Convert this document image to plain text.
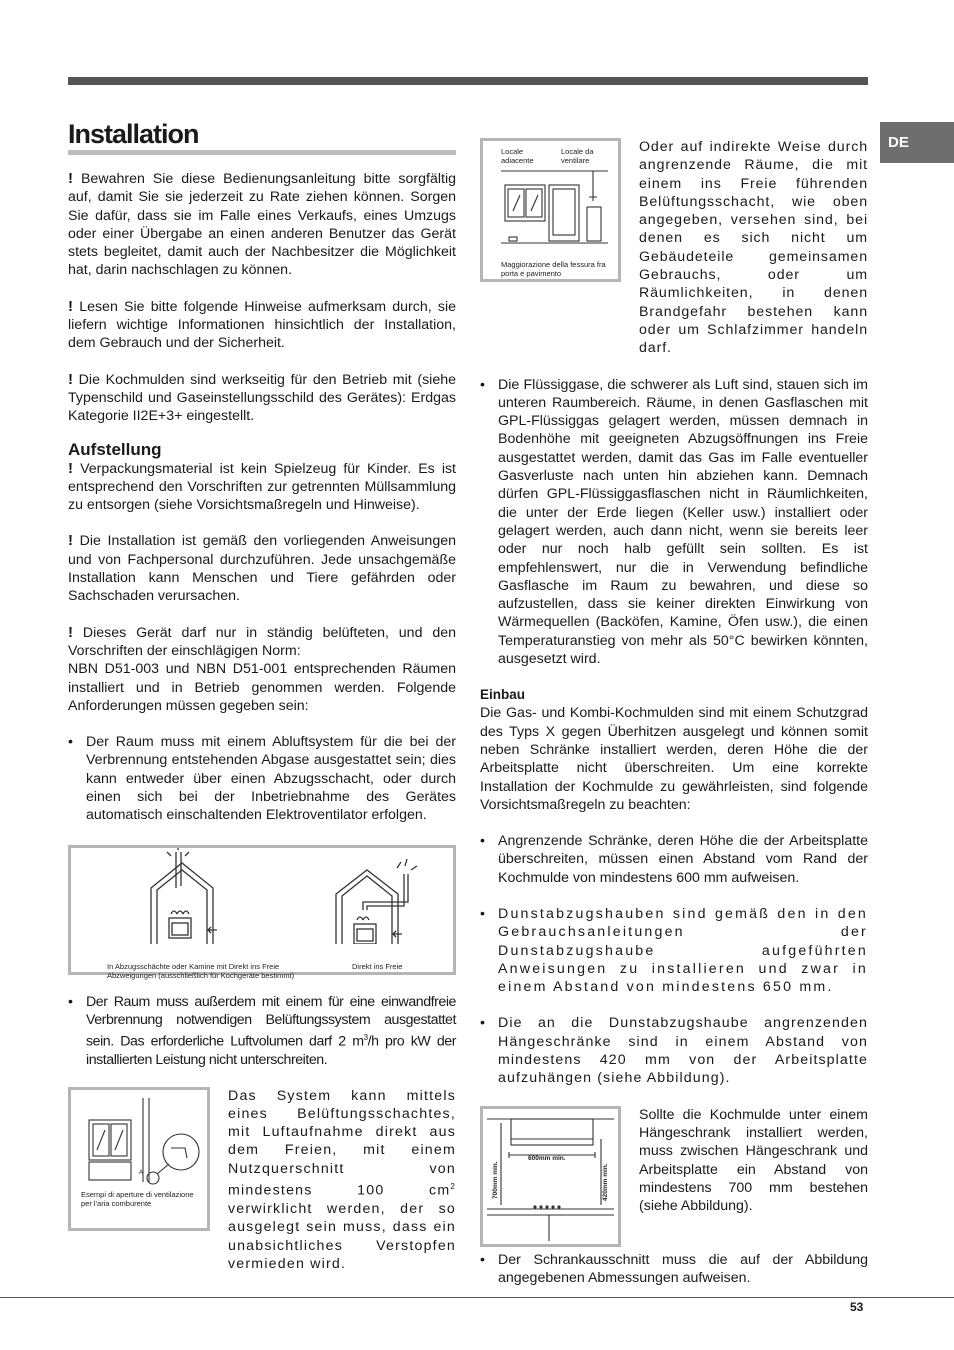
DE
Installation

! Bewahren Sie diese Bedienungsanleitung bitte sorgfältig auf, damit Sie sie jederzeit zu Rate ziehen können. Sorgen Sie dafür, dass sie im Falle eines Verkaufs, eines Umzugs oder einer Übergabe an einen anderen Benutzer das Gerät stets begleitet, damit auch der Nachbesitzer die Möglichkeit hat, darin nachschlagen zu können.

! Lesen Sie bitte folgende Hinweise aufmerksam durch, sie liefern wichtige Informationen hinsichtlich der Installation, dem Gebrauch und der Sicherheit.

! Die Kochmulden sind werkseitig für den Betrieb mit (siehe Typenschild und Gaseinstellungsschild des Gerätes): Erdgas Kategorie II2E+3+ eingestellt.

Aufstellung

! Verpackungsmaterial ist kein Spielzeug für Kinder. Es ist entsprechend den Vorschriften zur getrennten Müllsammlung zu entsorgen (siehe Vorsichtsmaßregeln und Hinweise).

! Die Installation ist gemäß den vorliegenden Anweisungen und von Fachpersonal durchzuführen. Jede unsachgemäße Installation kann Menschen und Tiere gefährden oder Sachschaden verursachen.

! Dieses Gerät darf nur in ständig belüfteten, und den Vorschriften der einschlägigen Norm:

NBN D51-003 und NBN D51-001 entsprechenden Räumen installiert und in Betrieb genommen werden. Folgende Anforderungen müssen gegeben sein:

• Der Raum muss mit einem Abluftsystem für die bei der Verbrennung entstehenden Abgase ausgestattet sein; dies kann entweder über einen Abzugsschacht, oder durch einen sich bei der Inbetriebnahme des Gerätes automatisch einschaltenden Elektroventilator erfolgen.
In Abzugsschächte oder Kamine mit Direkt ins Freie Abzweigungen (ausschließlich für Kochgeräte bestimmt)
Direkt ins Freie
• Der Raum muss außerdem mit einem für eine einwandfreie Verbrennung notwendigen Belüftungssystem ausgestattet sein. Das erforderliche Luftvolumen darf 2 $m^3/h$ pro kW der installierten Leistung nicht unterschreiten.
A
Esempi di aperture di ventilazione per l'aria comburente

Das System kann mittels eines Belüftungsschachtes, mit Luftaufnahme direkt aus dem Freien, mit einem Nutzquerschnitt von mindestens 100 $cm^2$ verwirklicht werden, der so ausgelegt sein muss, dass ein unabsichtliches Verstopfen vermieden wird.

Locale adiacente
Locale da ventilare
Maggiorazione della fessura fra porta e pavimento

Oder auf indirekte Weise durch angrenzende Räume, die mit einem ins Freie führenden Belüftungsschacht, wie oben angegeben, versehen sind, bei denen es sich nicht um Gebäudeteile gemeinsamen Gebrauchs, oder um Räumlichkeiten, in denen Brandgefahr bestehen kann oder um Schlafzimmer handeln darf.

• Die Flüssiggase, die schwerer als Luft sind, stauen sich im unteren Raumbereich. Räume, in denen Gasflaschen mit GPL-Flüssiggas gelagert werden, müssen demnach in Bodenhöhe mit geeigneten Abzugsöffnungen ins Freie ausgestattet werden, damit das Gas im Falle eventueller Gasverluste nach unten hin abziehen kann. Demnach dürfen GPL-Flüssiggasflaschen nicht in Räumlichkeiten, die unter der Erde liegen (Keller usw.) installiert oder gelagert werden, auch dann nicht, wenn sie bereits leer oder nur noch halb gefüllt sein sollten. Es ist empfehlenswert, nur die in Verwendung befindliche Gasflasche im Raum zu bewahren, und diese so aufzustellen, dass sie keiner direkten Einwirkung von Wärmequellen (Backöfen, Kamine, Öfen usw.), die einen Temperaturanstieg von mehr als 50°C bewirken könnten, ausgesetzt wird.
Einbau

Die Gas- und Kombi-Kochmulden sind mit einem Schutzgrad des Typs X gegen Überhitzen ausgelegt und können somit neben Schränke installiert werden, deren Höhe die der Arbeitsplatte nicht überschreiten. Um eine korrekte Installation der Kochmulde zu gewährleisten, sind folgende Vorsichtsmaßregeln zu beachten:

• Angrenzende Schränke, deren Höhe die der Arbeitsplatte überschreiten, müssen einen Abstand vom Rand der Kochmulde von mindestens 600 mm aufweisen.
• Dunstabzugshauben sind gemäß den in den Gebrauchsanleitungen der Dunstabzugshaube aufgeführten Anweisungen zu installieren und zwar in einem Abstand von mindestens 650 mm.
• Die an die Dunstabzugshaube angrenzenden Hängeschränke sind in einem Abstand von mindestens 420 mm von der Arbeitsplatte aufzuhängen (siehe Abbildung).
600mm min.
700mm min.	420mm min.

Sollte die Kochmulde unter einem Hängeschrank installiert werden, muss zwischen Hängeschrank und Arbeitsplatte ein Abstand von mindestens 700 mm bestehen (siehe Abbildung).

• Der Schrankausschnitt muss die auf der Abbildung angegebenen Abmessungen aufweisen.
53
